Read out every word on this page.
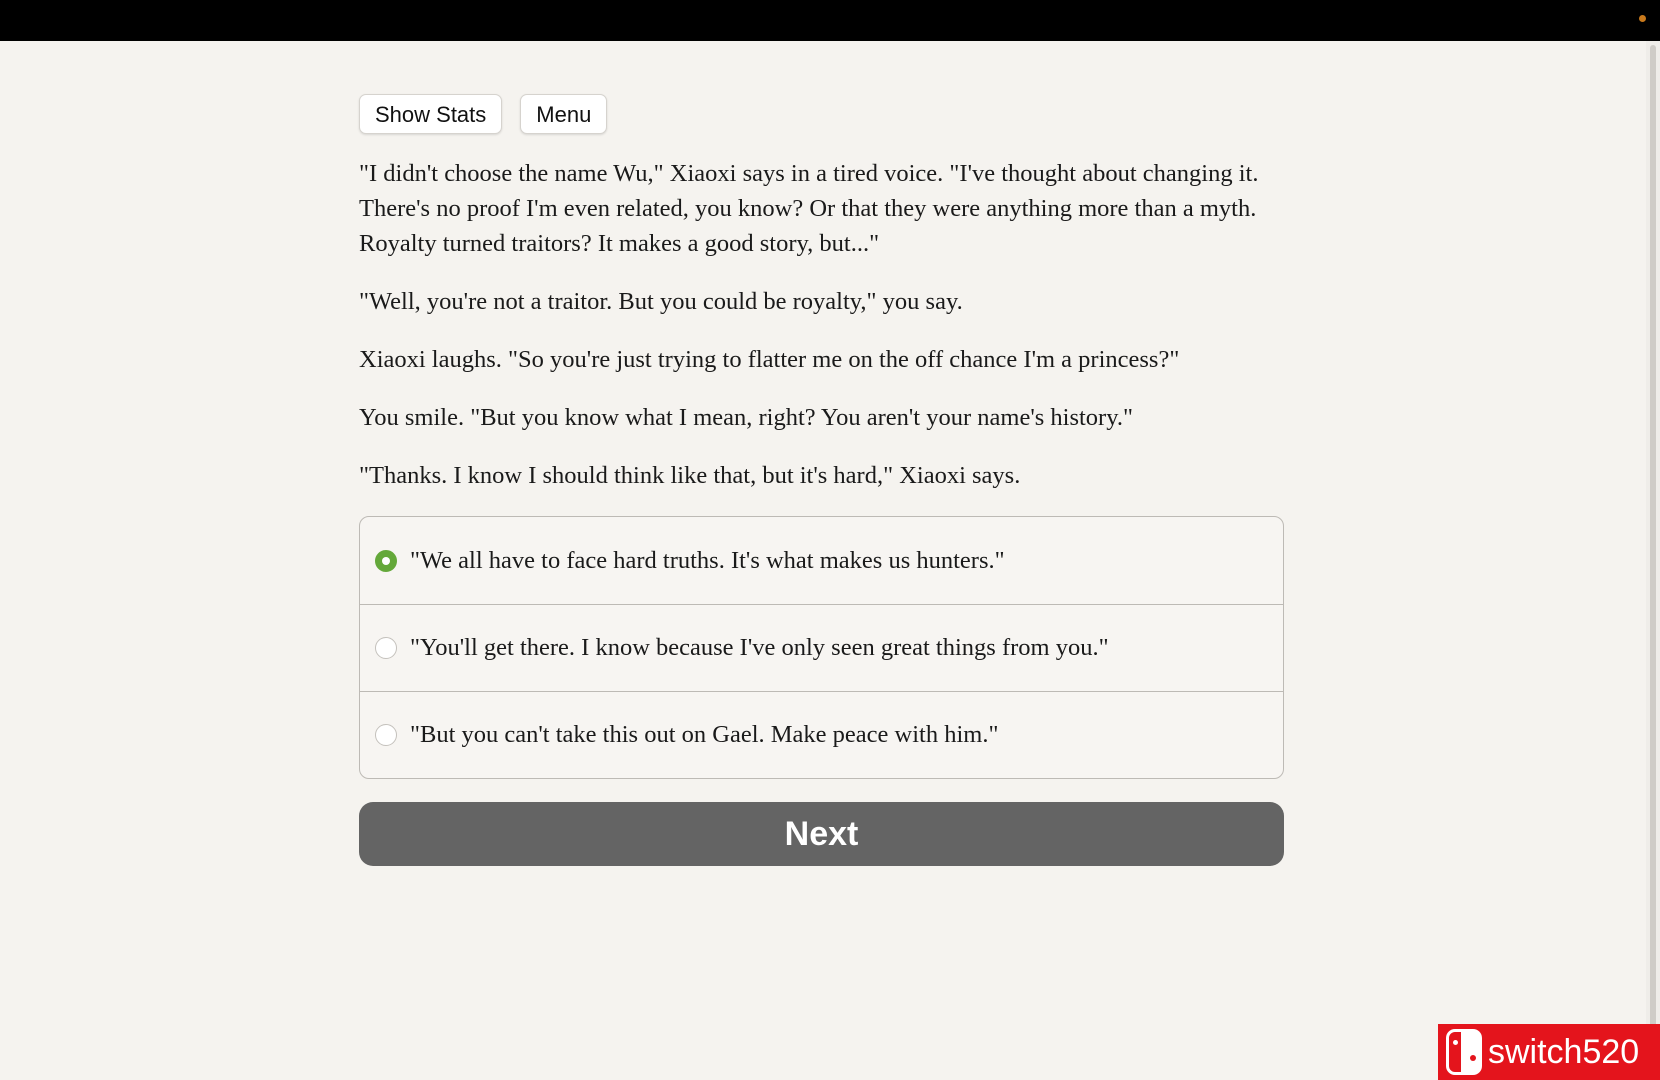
Show Stats	Menu

"I didn't choose the name Wu," Xiaoxi says in a tired voice. "I've thought about changing it. There's no proof I'm even related, you know? Or that they were anything more than a myth. Royalty turned traitors? It makes a good story, but..."

"Well, you're not a traitor. But you could be royalty," you say.

Xiaoxi laughs. "So you're just trying to flatter me on the off chance I'm a princess?"

You smile. "But you know what I mean, right? You aren't your name's history."

"Thanks. I know I should think like that, but it's hard," Xiaoxi says.

"We all have to face hard truths. It's what makes us hunters."
"You'll get there. I know because I've only seen great things from you."
"But you can't take this out on Gael. Make peace with him."
Next
switch520
